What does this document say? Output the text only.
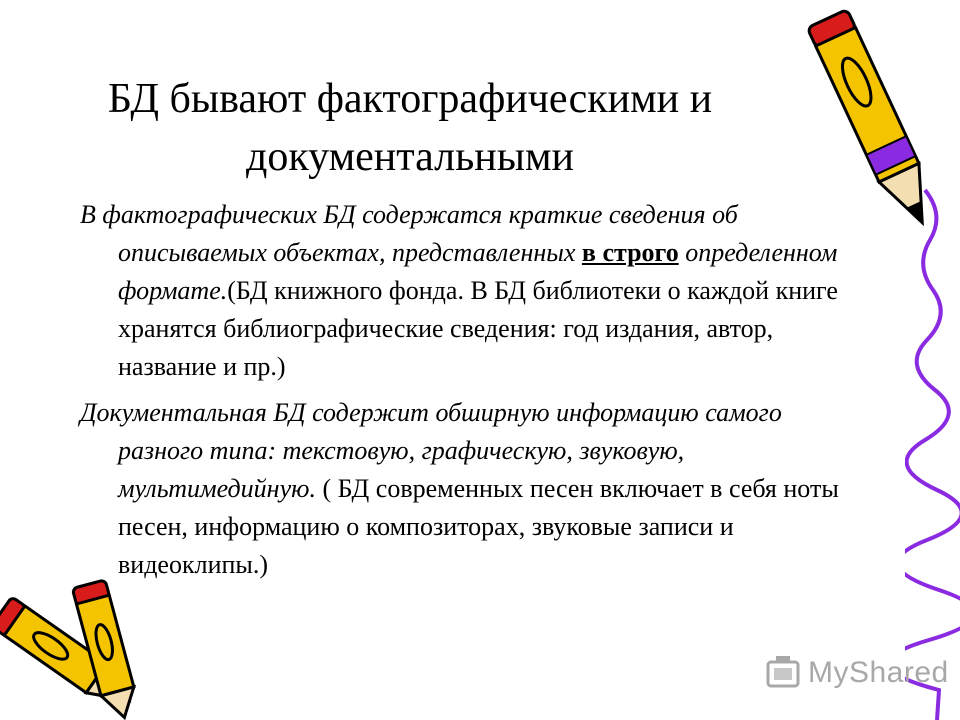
БД бывают фактографическими и документальными

В фактографических БД содержатся краткие сведения об описываемых объектах, представленных в строго определенном формате.(БД книжного фонда. В БД библиотеки о каждой книге хранятся библиографические сведения: год издания, автор, название и пр.)

Документальная БД содержит обширную информацию самого разного типа: текстовую, графическую, звуковую, мультимедийную. ( БД современных песен включает в себя ноты песен, информацию о композиторах, звуковые записи и видеоклипы.)

MyShared
